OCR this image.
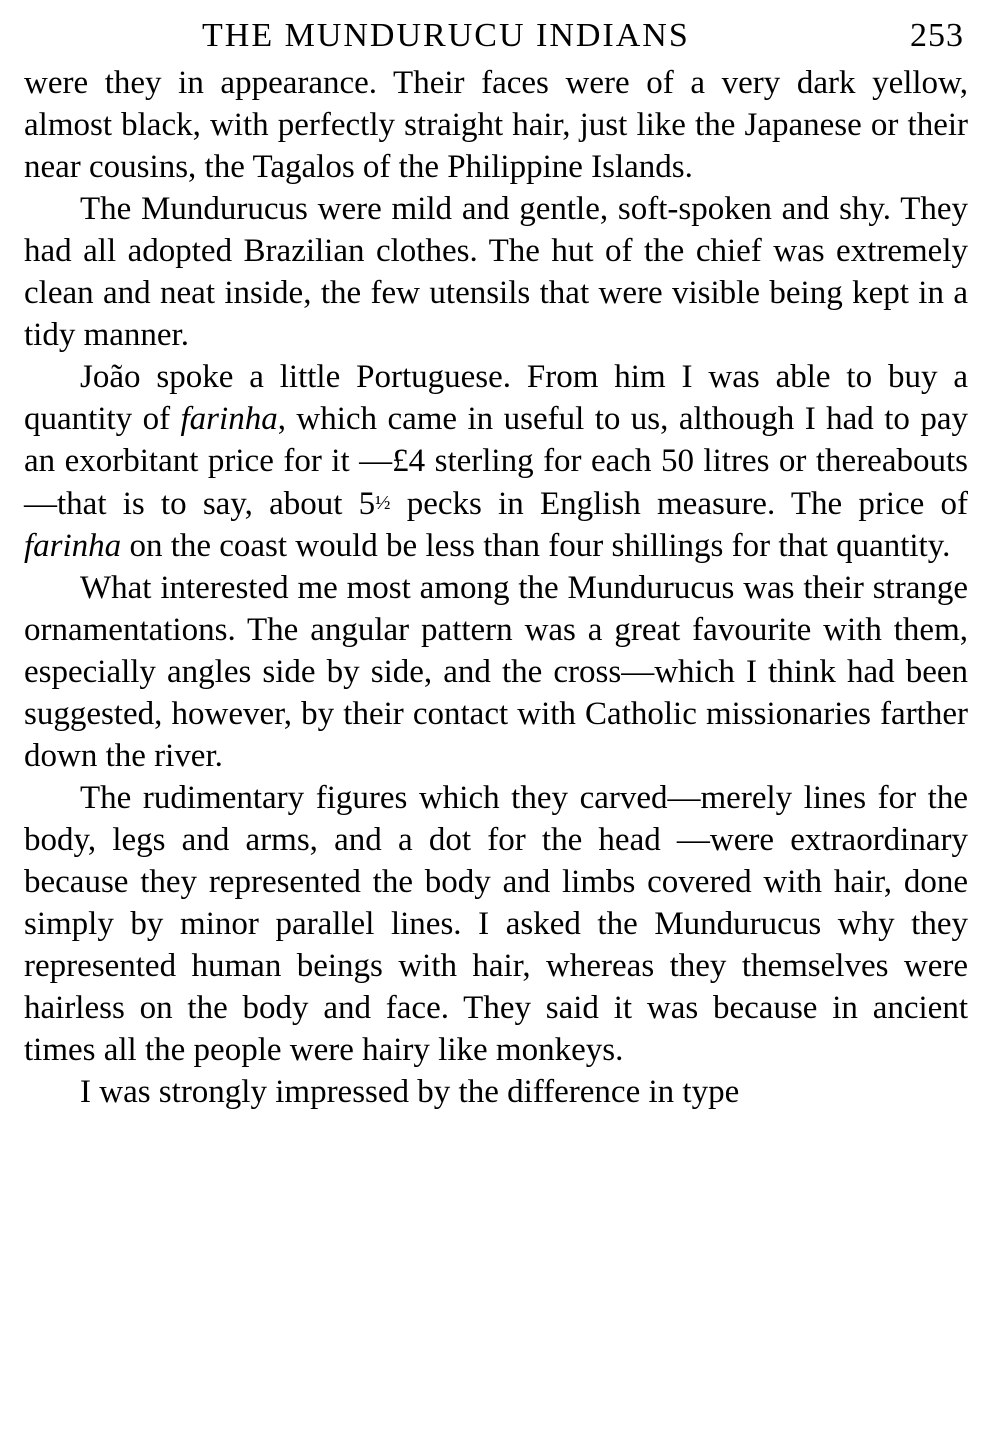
THE MUNDURUCU INDIANS	253

were they in appearance. Their faces were of a very dark yellow, almost black, with perfectly straight hair, just like the Japanese or their near cousins, the Tagalos of the Philippine Islands.

The Mundurucus were mild and gentle, soft-spoken and shy. They had all adopted Brazilian clothes. The hut of the chief was extremely clean and neat inside, the few utensils that were visible being kept in a tidy manner.

João spoke a little Portuguese. From him I was able to buy a quantity of farinha, which came in useful to us, although I had to pay an exorbitant price for it —£4 sterling for each 50 litres or thereabouts—that is to say, about 5½ pecks in English measure. The price of farinha on the coast would be less than four shillings for that quantity.

What interested me most among the Mundurucus was their strange ornamentations. The angular pattern was a great favourite with them, especially angles side by side, and the cross—which I think had been suggested, however, by their contact with Catholic missionaries farther down the river.

The rudimentary figures which they carved—merely lines for the body, legs and arms, and a dot for the head —were extraordinary because they represented the body and limbs covered with hair, done simply by minor parallel lines. I asked the Mundurucus why they represented human beings with hair, whereas they themselves were hairless on the body and face. They said it was because in ancient times all the people were hairy like monkeys.

I was strongly impressed by the difference in type
